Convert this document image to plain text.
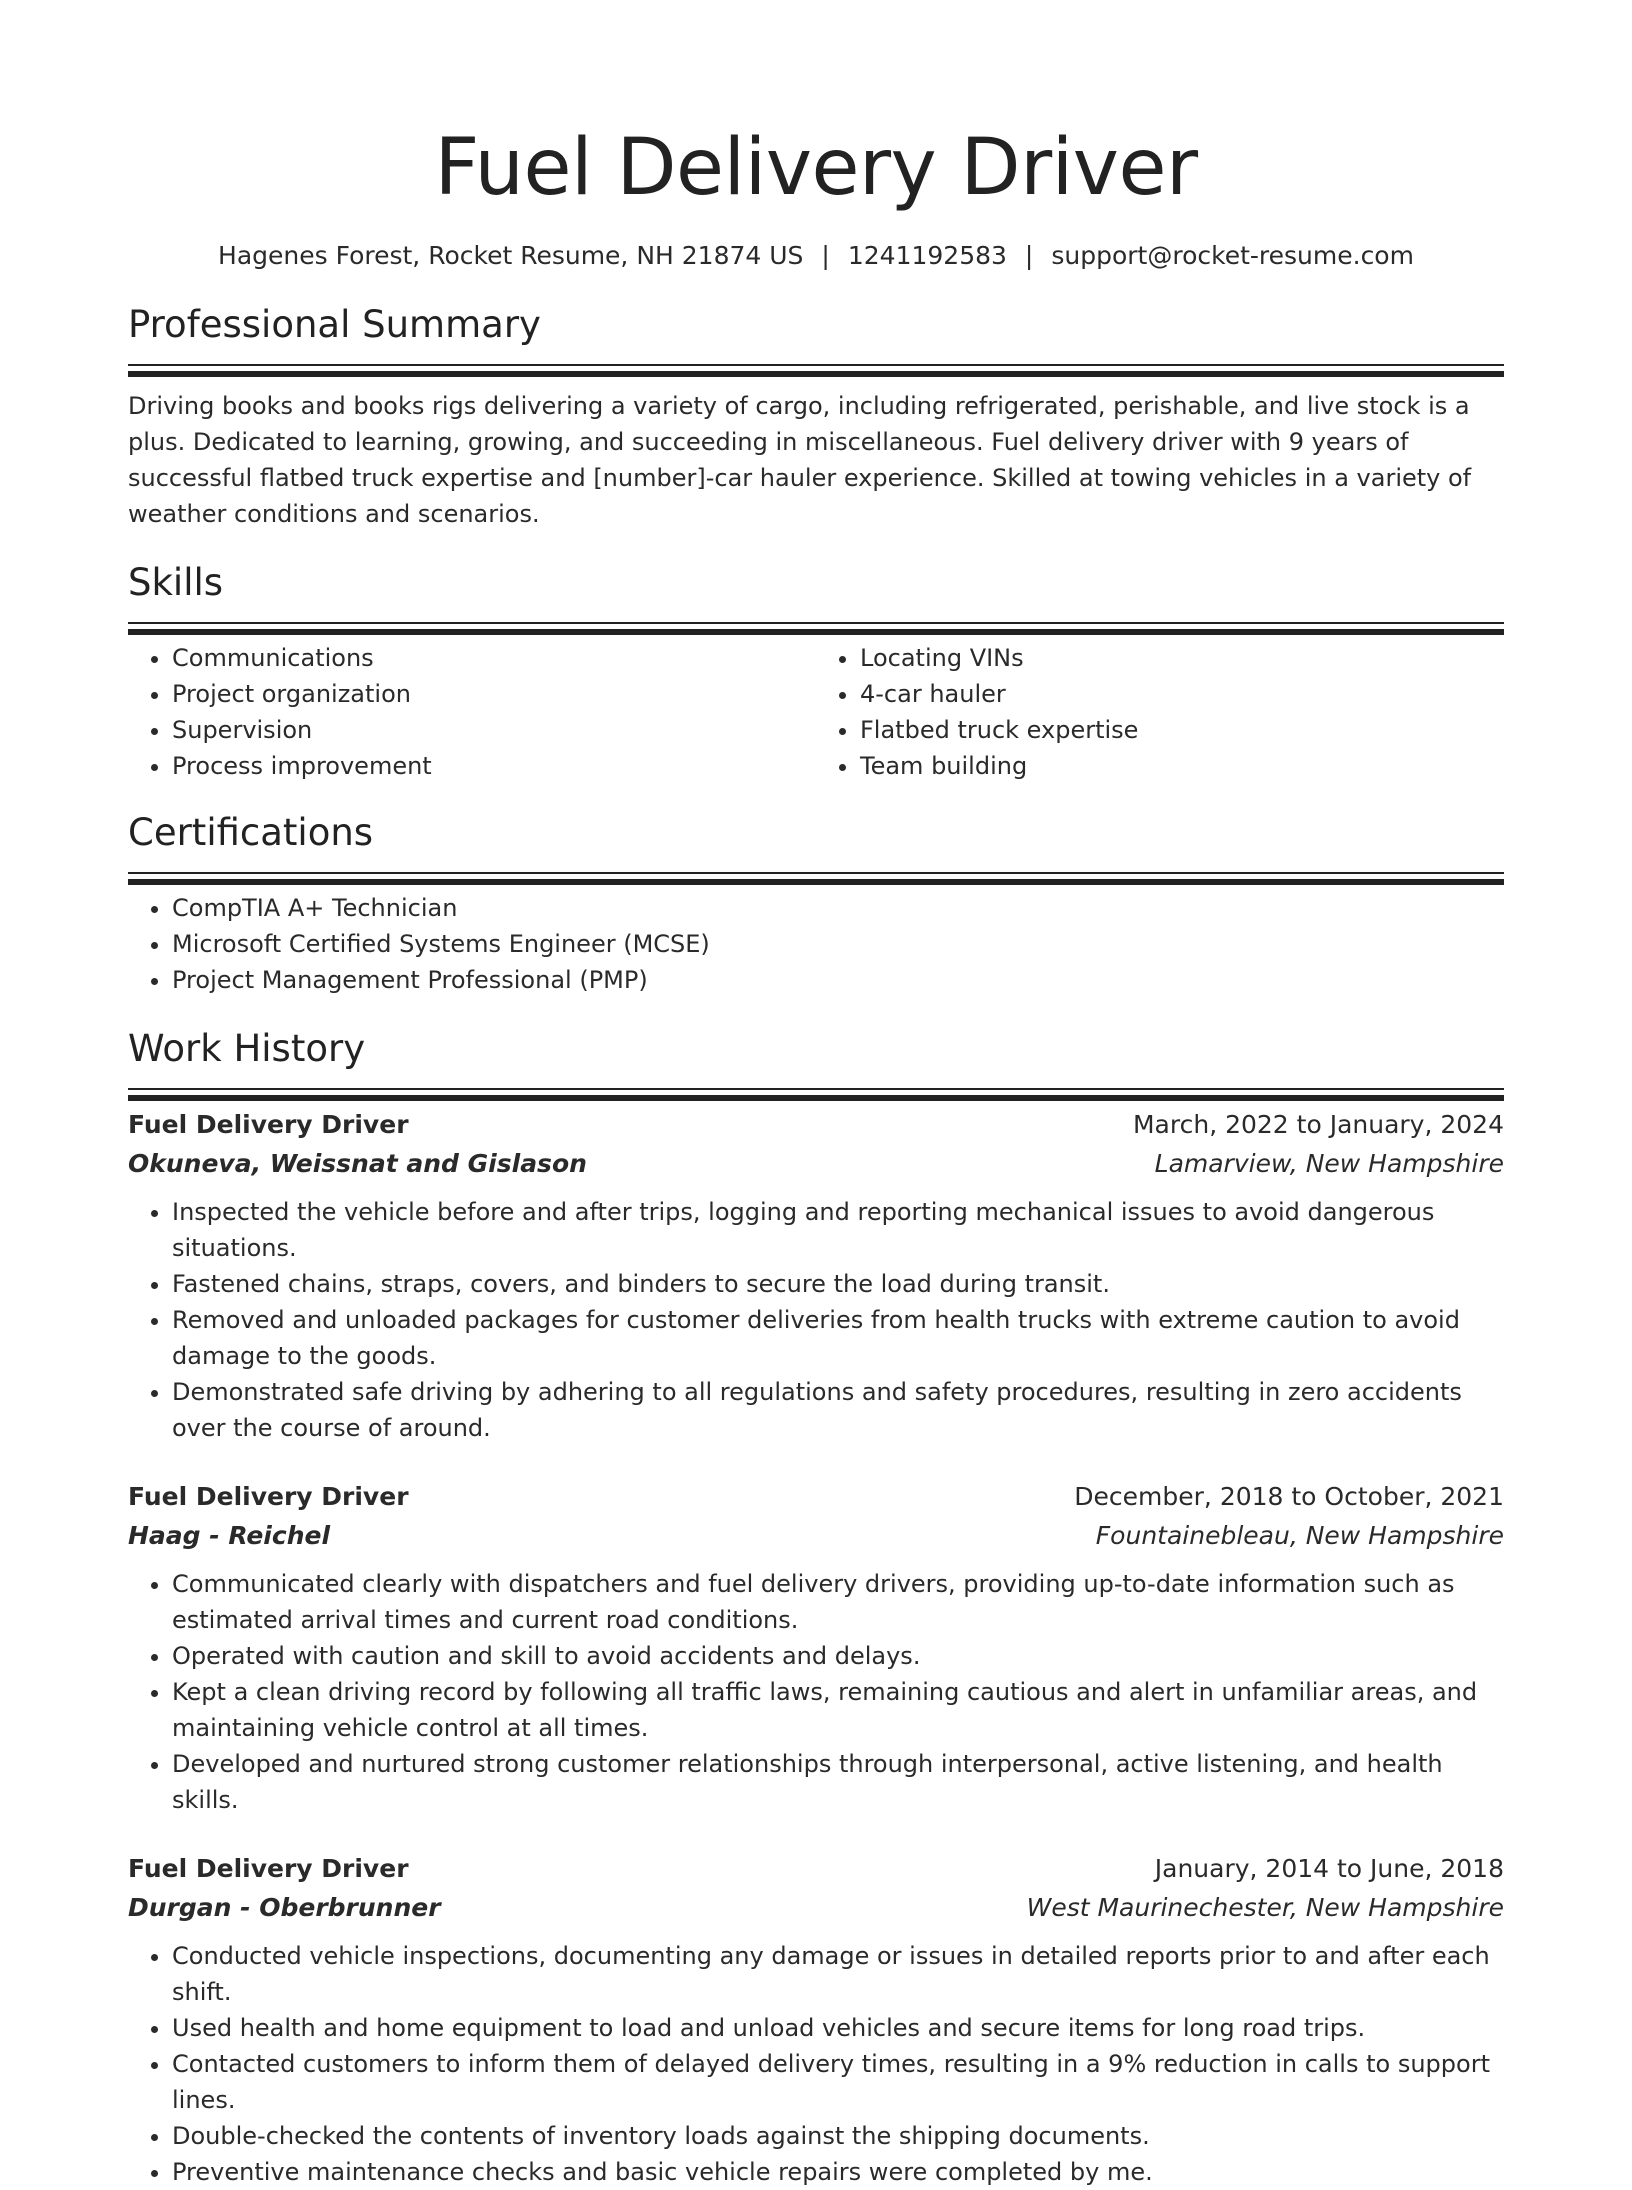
Fuel Delivery Driver
Hagenes Forest, Rocket Resume, NH 21874 US | 1241192583 | support@rocket-resume.com
Professional Summary
Driving books and books rigs delivering a variety of cargo, including refrigerated, perishable, and live stock is a plus. Dedicated to learning, growing, and succeeding in miscellaneous. Fuel delivery driver with 9 years of successful flatbed truck expertise and [number]-car hauler experience. Skilled at towing vehicles in a variety of weather conditions and scenarios.
Skills
• Communications
• Project organization
• Supervision
• Process improvement
• Locating VINs
• 4-car hauler
• Flatbed truck expertise
• Team building
Certifications
• CompTIA A+ Technician
• Microsoft Certified Systems Engineer (MCSE)
• Project Management Professional (PMP)
Work History
Fuel Delivery Driver	March, 2022 to January, 2024
Okuneva, Weissnat and Gislason	Lamarview, New Hampshire
• Inspected the vehicle before and after trips, logging and reporting mechanical issues to avoid dangerous situations.
• Fastened chains, straps, covers, and binders to secure the load during transit.
• Removed and unloaded packages for customer deliveries from health trucks with extreme caution to avoid damage to the goods.
• Demonstrated safe driving by adhering to all regulations and safety procedures, resulting in zero accidents over the course of around.
Fuel Delivery Driver	December, 2018 to October, 2021
Haag - Reichel	Fountainebleau, New Hampshire
• Communicated clearly with dispatchers and fuel delivery drivers, providing up-to-date information such as estimated arrival times and current road conditions.
• Operated with caution and skill to avoid accidents and delays.
• Kept a clean driving record by following all traffic laws, remaining cautious and alert in unfamiliar areas, and maintaining vehicle control at all times.
• Developed and nurtured strong customer relationships through interpersonal, active listening, and health skills.
Fuel Delivery Driver	January, 2014 to June, 2018
Durgan - Oberbrunner	West Maurinechester, New Hampshire
• Conducted vehicle inspections, documenting any damage or issues in detailed reports prior to and after each shift.
• Used health and home equipment to load and unload vehicles and secure items for long road trips.
• Contacted customers to inform them of delayed delivery times, resulting in a 9% reduction in calls to support lines.
• Double-checked the contents of inventory loads against the shipping documents.
• Preventive maintenance checks and basic vehicle repairs were completed by me.
